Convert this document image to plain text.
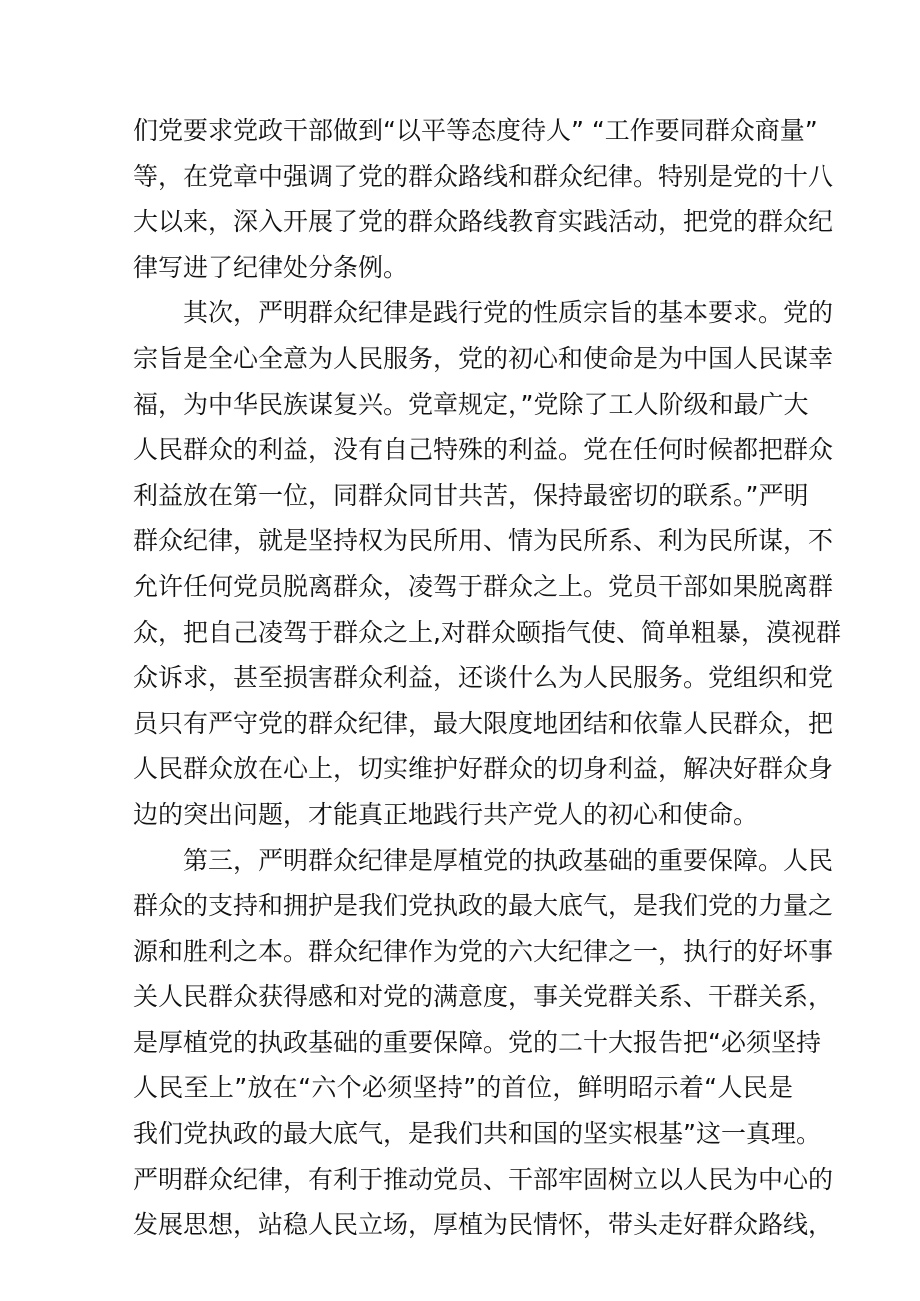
们党要求党政干部做到“以平等态度待人” “工作要同群众商量”
等，在党章中强调了党的群众路线和群众纪律。特别是党的十八
大以来，深入开展了党的群众路线教育实践活动，把党的群众纪
律写进了纪律处分条例。
其次，严明群众纪律是践行党的性质宗旨的基本要求。党的
宗旨是全心全意为人民服务，党的初心和使命是为中国人民谋幸
福，为中华民族谋复兴。党章规定，”党除了工人阶级和最广大
人民群众的利益，没有自己特殊的利益。党在任何时候都把群众
利益放在第一位，同群众同甘共苦，保持最密切的联系。”严明
群众纪律，就是坚持权为民所用、情为民所系、利为民所谋，不
允许任何党员脱离群众，凌驾于群众之上。党员干部如果脱离群
众，把自己凌驾于群众之上,对群众颐指气使、简单粗暴，漠视群
众诉求，甚至损害群众利益，还谈什么为人民服务。党组织和党
员只有严守党的群众纪律，最大限度地团结和依靠人民群众，把
人民群众放在心上，切实维护好群众的切身利益，解决好群众身
边的突出问题，才能真正地践行共产党人的初心和使命。
第三，严明群众纪律是厚植党的执政基础的重要保障。人民
群众的支持和拥护是我们党执政的最大底气，是我们党的力量之
源和胜利之本。群众纪律作为党的六大纪律之一，执行的好坏事
关人民群众获得感和对党的满意度，事关党群关系、干群关系，
是厚植党的执政基础的重要保障。党的二十大报告把“必须坚持
人民至上”放在“六个必须坚持”的首位，鲜明昭示着“人民是
我们党执政的最大底气，是我们共和国的坚实根基”这一真理。
严明群众纪律，有利于推动党员、干部牢固树立以人民为中心的
发展思想，站稳人民立场，厚植为民情怀，带头走好群众路线，
